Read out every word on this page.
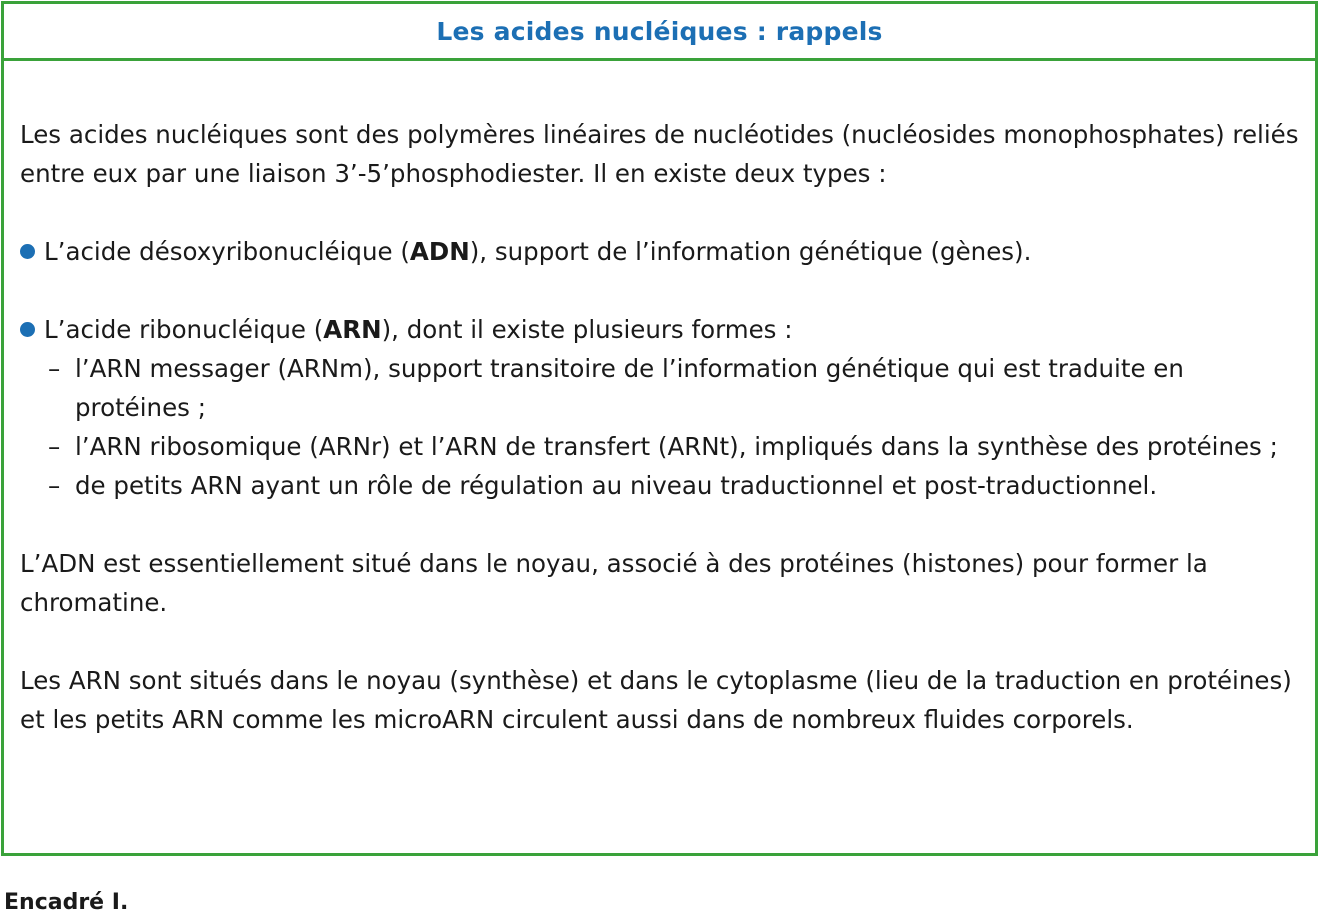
Les acides nucléiques : rappels

Les acides nucléiques sont des polymères linéaires de nucléotides (nucléosides monophosphates) reliés entre eux par une liaison 3’-5’phosphodiester. Il en existe deux types :

L’acide désoxyribonucléique (ADN), support de l’information génétique (gènes).

L’acide ribonucléique (ARN), dont il existe plusieurs formes :

– l’ARN messager (ARNm), support transitoire de l’information génétique qui est traduite en protéines ;

– l’ARN ribosomique (ARNr) et l’ARN de transfert (ARNt), impliqués dans la synthèse des protéines ;

– de petits ARN ayant un rôle de régulation au niveau traductionnel et post-traductionnel.

L’ADN est essentiellement situé dans le noyau, associé à des protéines (histones) pour former la chromatine.

Les ARN sont situés dans le noyau (synthèse) et dans le cytoplasme (lieu de la traduction en protéines) et les petits ARN comme les microARN circulent aussi dans de nombreux fluides corporels.

Encadré I.
